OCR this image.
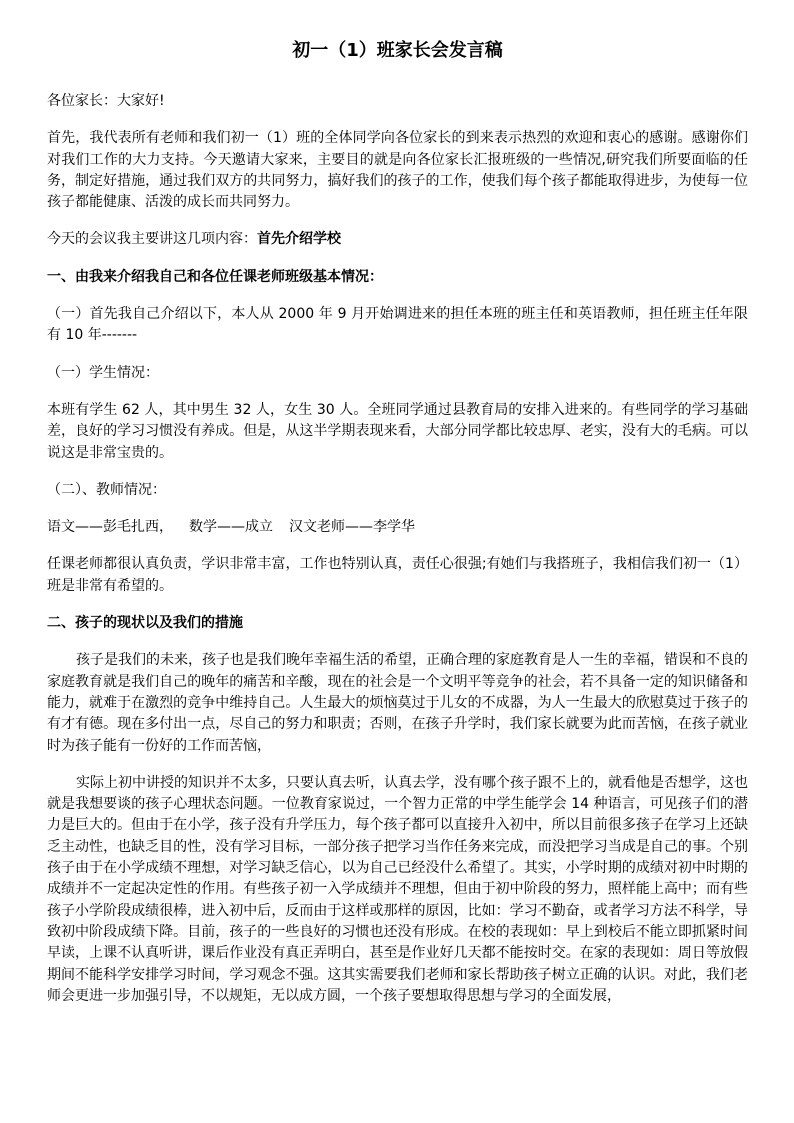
初一（1）班家长会发言稿

各位家长：大家好!

首先，我代表所有老师和我们初一（1）班的全体同学向各位家长的到来表示热烈的欢迎和衷心的感谢。感谢你们对我们工作的大力支持。今天邀请大家来，主要目的就是向各位家长汇报班级的一些情况,研究我们所要面临的任务，制定好措施，通过我们双方的共同努力，搞好我们的孩子的工作，使我们每个孩子都能取得进步，为使每一位孩子都能健康、活泼的成长而共同努力。

今天的会议我主要讲这几项内容：首先介绍学校

一、由我来介绍我自己和各位任课老师班级基本情况：

（一）首先我自己介绍以下，本人从 2000 年 9 月开始调进来的担任本班的班主任和英语教师，担任班主任年限有 10 年-------

（一）学生情况：

本班有学生 62 人，其中男生 32 人，女生 30 人。全班同学通过县教育局的安排入进来的。有些同学的学习基础差，良好的学习习惯没有养成。但是，从这半学期表现来看，大部分同学都比较忠厚、老实，没有大的毛病。可以说这是非常宝贵的。

（二）、教师情况：

语文——彭毛扎西， 数学——成立 汉文老师——李学华

任课老师都很认真负责，学识非常丰富，工作也特别认真，责任心很强;有她们与我搭班子，我相信我们初一（1）班是非常有希望的。

二、孩子的现状以及我们的措施

孩子是我们的未来，孩子也是我们晚年幸福生活的希望，正确合理的家庭教育是人一生的幸福，错误和不良的家庭教育就是我们自己的晚年的痛苦和辛酸，现在的社会是一个文明平等竞争的社会，若不具备一定的知识储备和能力，就难于在激烈的竞争中维持自己。人生最大的烦恼莫过于儿女的不成器，为人一生最大的欣慰莫过于孩子的有才有德。现在多付出一点，尽自己的努力和职责；否则，在孩子升学时，我们家长就要为此而苦恼，在孩子就业时为孩子能有一份好的工作而苦恼，

实际上初中讲授的知识并不太多，只要认真去听，认真去学，没有哪个孩子跟不上的，就看他是否想学，这也就是我想要谈的孩子心理状态问题。一位教育家说过，一个智力正常的中学生能学会 14 种语言，可见孩子们的潜力是巨大的。但由于在小学，孩子没有升学压力，每个孩子都可以直接升入初中，所以目前很多孩子在学习上还缺乏主动性，也缺乏目的性，没有学习目标，一部分孩子把学习当作任务来完成，而没把学习当成是自己的事。个别孩子由于在小学成绩不理想，对学习缺乏信心，以为自己已经没什么希望了。其实，小学时期的成绩对初中时期的成绩并不一定起决定性的作用。有些孩子初一入学成绩并不理想，但由于初中阶段的努力，照样能上高中；而有些孩子小学阶段成绩很棒，进入初中后，反而由于这样或那样的原因，比如：学习不勤奋，或者学习方法不科学，导致初中阶段成绩下降。目前，孩子的一些良好的习惯也还没有形成。在校的表现如：早上到校后不能立即抓紧时间早读，上课不认真听讲，课后作业没有真正弄明白，甚至是作业好几天都不能按时交。在家的表现如：周日等放假期间不能科学安排学习时间，学习观念不强。这其实需要我们老师和家长帮助孩子树立正确的认识。对此，我们老师会更进一步加强引导，不以规矩，无以成方圆，一个孩子要想取得思想与学习的全面发展，
